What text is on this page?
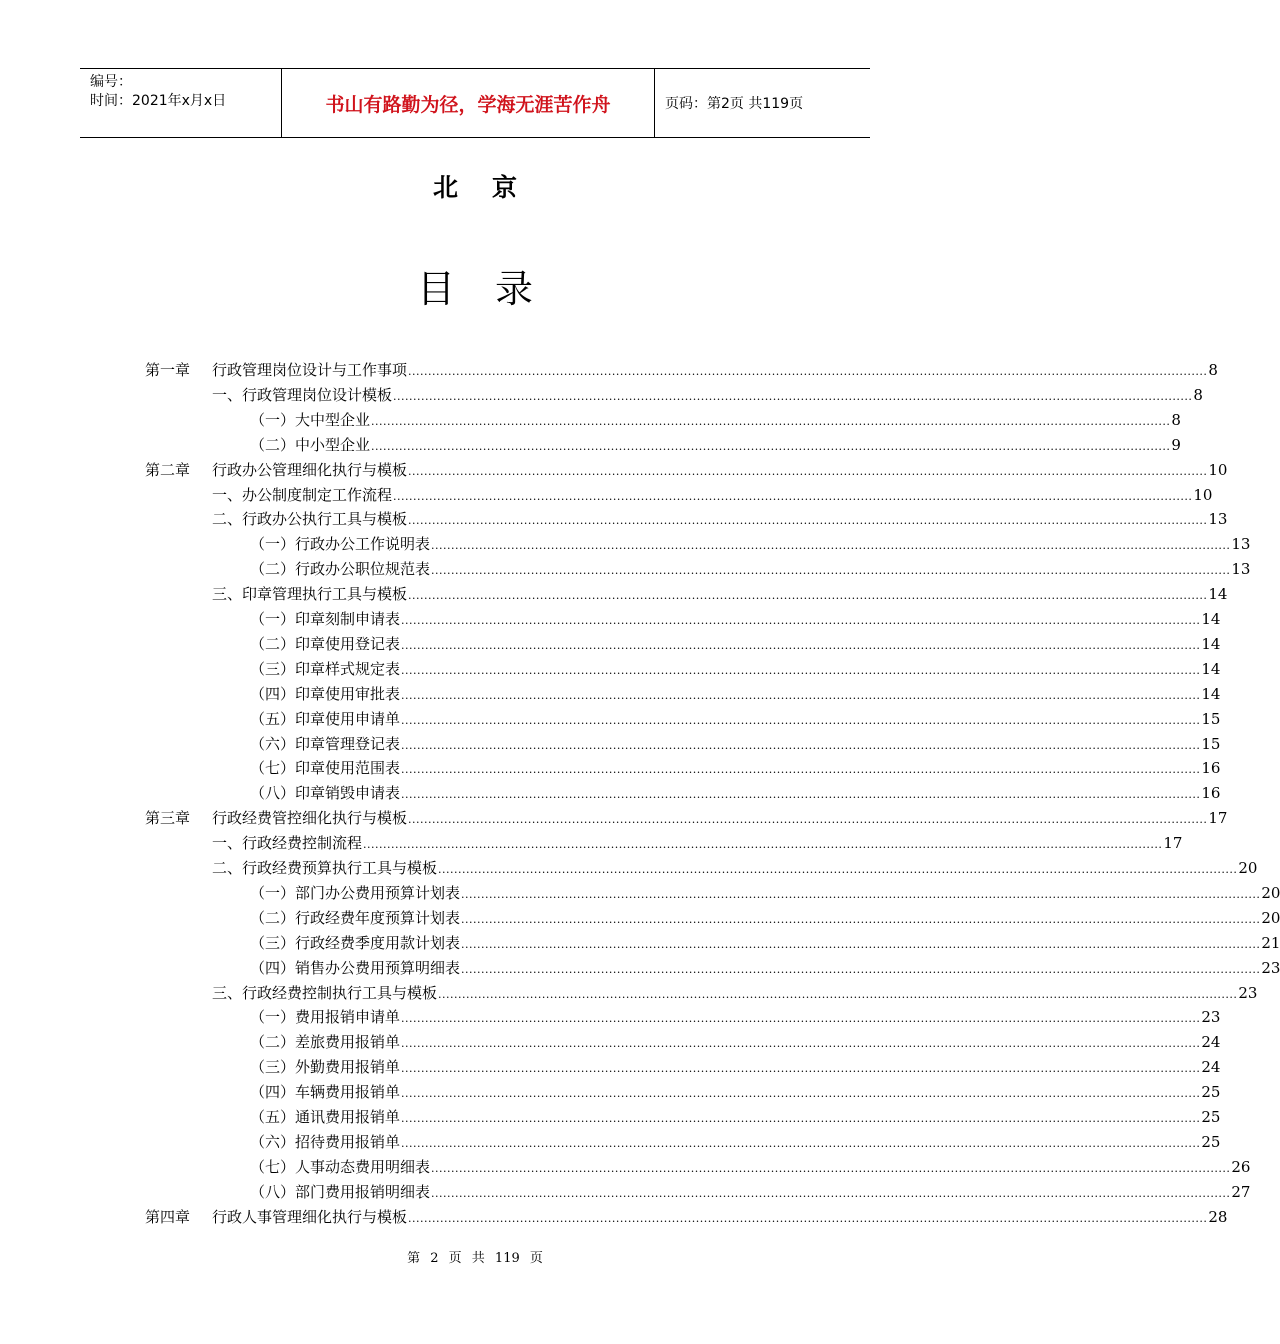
编号：
时间：2021年x月x日	书山有路勤为径，学海无涯苦作舟	页码：第2页 共119页
北京
目录
第一章 行政管理岗位设计与工作事项 ........................................................................................................................................................................................................ 8
一、行政管理岗位设计模板 ........................................................................................................................................................................................................ 8
（一）大中型企业 ........................................................................................................................................................................................................ 8
（二）中小型企业 ........................................................................................................................................................................................................ 9
第二章 行政办公管理细化执行与模板 ........................................................................................................................................................................................................ 10
一、办公制度制定工作流程 ........................................................................................................................................................................................................ 10
二、行政办公执行工具与模板 ........................................................................................................................................................................................................ 13
（一）行政办公工作说明表 ........................................................................................................................................................................................................ 13
（二）行政办公职位规范表 ........................................................................................................................................................................................................ 13
三、印章管理执行工具与模板 ........................................................................................................................................................................................................ 14
（一）印章刻制申请表 ........................................................................................................................................................................................................ 14
（二）印章使用登记表 ........................................................................................................................................................................................................ 14
（三）印章样式规定表 ........................................................................................................................................................................................................ 14
（四）印章使用审批表 ........................................................................................................................................................................................................ 14
（五）印章使用申请单 ........................................................................................................................................................................................................ 15
（六）印章管理登记表 ........................................................................................................................................................................................................ 15
（七）印章使用范围表 ........................................................................................................................................................................................................ 16
（八）印章销毁申请表 ........................................................................................................................................................................................................ 16
第三章 行政经费管控细化执行与模板 ........................................................................................................................................................................................................ 17
一、行政经费控制流程 ........................................................................................................................................................................................................ 17
二、行政经费预算执行工具与模板 ........................................................................................................................................................................................................ 20
（一）部门办公费用预算计划表 ........................................................................................................................................................................................................ 20
（二）行政经费年度预算计划表 ........................................................................................................................................................................................................ 20
（三）行政经费季度用款计划表 ........................................................................................................................................................................................................ 21
（四）销售办公费用预算明细表 ........................................................................................................................................................................................................ 23
三、行政经费控制执行工具与模板 ........................................................................................................................................................................................................ 23
（一）费用报销申请单 ........................................................................................................................................................................................................ 23
（二）差旅费用报销单 ........................................................................................................................................................................................................ 24
（三）外勤费用报销单 ........................................................................................................................................................................................................ 24
（四）车辆费用报销单 ........................................................................................................................................................................................................ 25
（五）通讯费用报销单 ........................................................................................................................................................................................................ 25
（六）招待费用报销单 ........................................................................................................................................................................................................ 25
（七）人事动态费用明细表 ........................................................................................................................................................................................................ 26
（八）部门费用报销明细表 ........................................................................................................................................................................................................ 27
第四章 行政人事管理细化执行与模板 ........................................................................................................................................................................................................ 28
第 2 页 共 119 页
